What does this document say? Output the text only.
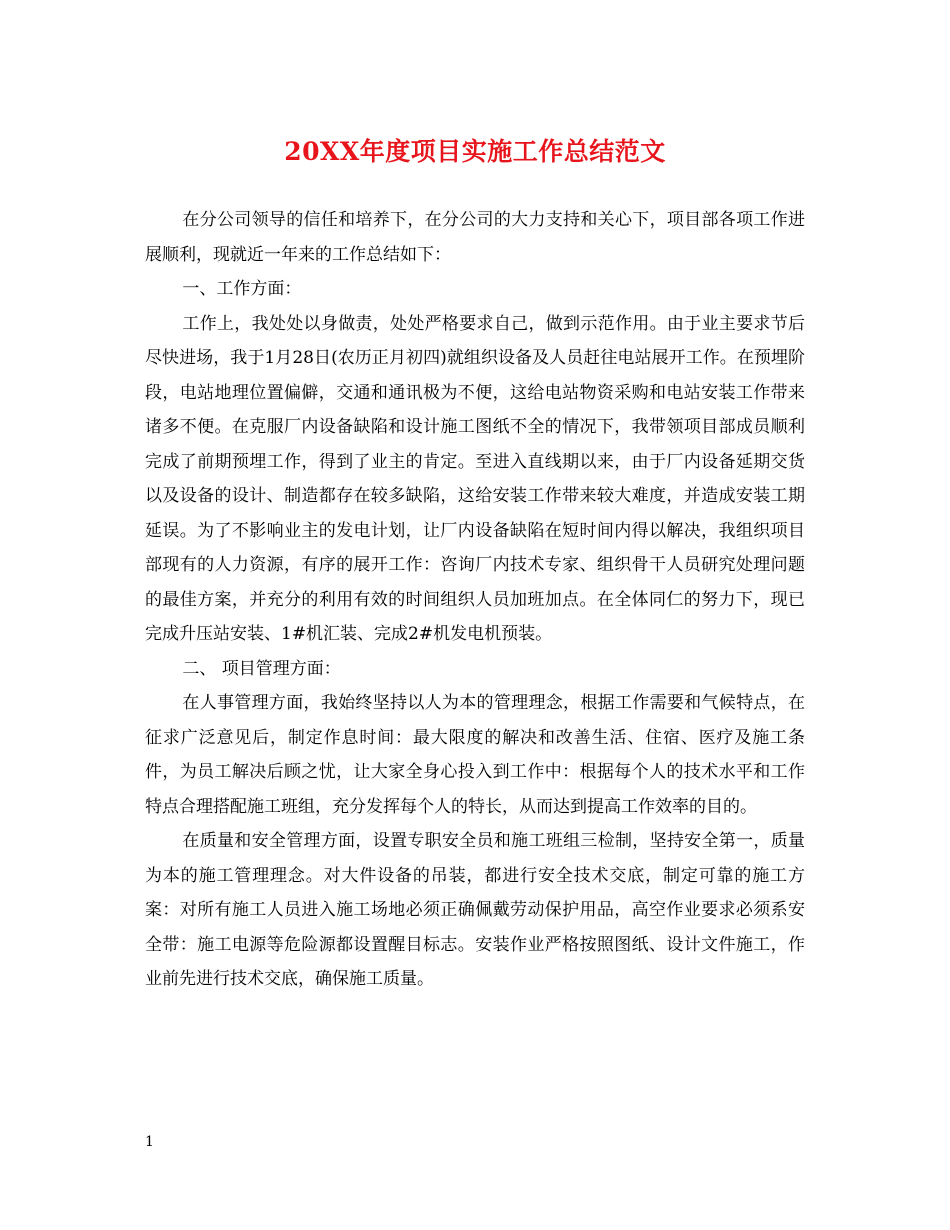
20XX年度项目实施工作总结范文

在分公司领导的信任和培养下，在分公司的大力支持和关心下，项目部各项工作进展顺利，现就近一年来的工作总结如下：

一、工作方面：

工作上，我处处以身做责，处处严格要求自己，做到示范作用。由于业主要求节后尽快进场，我于1月28日(农历正月初四)就组织设备及人员赶往电站展开工作。在预埋阶段，电站地理位置偏僻，交通和通讯极为不便，这给电站物资采购和电站安装工作带来诸多不便。在克服厂内设备缺陷和设计施工图纸不全的情况下，我带领项目部成员顺利完成了前期预埋工作，得到了业主的肯定。至进入直线期以来，由于厂内设备延期交货以及设备的设计、制造都存在较多缺陷，这给安装工作带来较大难度，并造成安装工期延误。为了不影响业主的发电计划，让厂内设备缺陷在短时间内得以解决，我组织项目部现有的人力资源，有序的展开工作：咨询厂内技术专家、组织骨干人员研究处理问题的最佳方案，并充分的利用有效的时间组织人员加班加点。在全体同仁的努力下，现已完成升压站安装、1#机汇装、完成2#机发电机预装。

二、 项目管理方面：

在人事管理方面，我始终坚持以人为本的管理理念，根据工作需要和气候特点，在征求广泛意见后，制定作息时间：最大限度的解决和改善生活、住宿、医疗及施工条件，为员工解决后顾之忧，让大家全身心投入到工作中：根据每个人的技术水平和工作特点合理搭配施工班组，充分发挥每个人的特长，从而达到提高工作效率的目的。

在质量和安全管理方面，设置专职安全员和施工班组三检制，坚持安全第一，质量为本的施工管理理念。对大件设备的吊装，都进行安全技术交底，制定可靠的施工方案：对所有施工人员进入施工场地必须正确佩戴劳动保护用品，高空作业要求必须系安全带：施工电源等危险源都设置醒目标志。安装作业严格按照图纸、设计文件施工，作业前先进行技术交底，确保施工质量。

1
